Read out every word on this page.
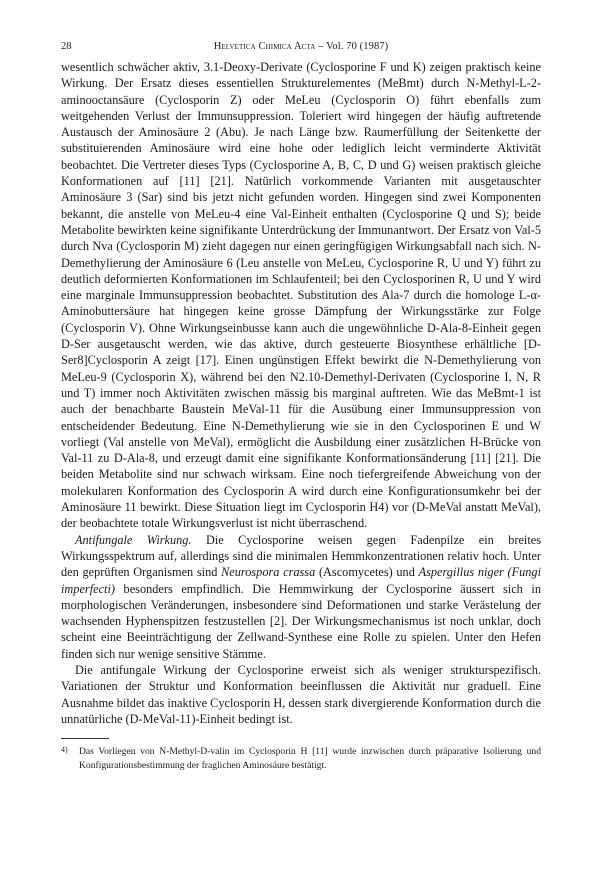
28	Helvetica Chimica Acta – Vol. 70 (1987)

wesentlich schwächer aktiv, 3.1-Deoxy-Derivate (Cyclosporine F und K) zeigen praktisch keine Wirkung. Der Ersatz dieses essentiellen Strukturelementes (MeBmt) durch N-Methyl-L-2-aminooctansäure (Cyclosporin Z) oder MeLeu (Cyclosporin O) führt ebenfalls zum weitgehenden Verlust der Immunsuppression. Toleriert wird hingegen der häufig auftretende Austausch der Aminosäure 2 (Abu). Je nach Länge bzw. Raumerfüllung der Seitenkette der substituierenden Aminosäure wird eine hohe oder lediglich leicht verminderte Aktivität beobachtet. Die Vertreter dieses Typs (Cyclosporine A, B, C, D und G) weisen praktisch gleiche Konformationen auf [11] [21]. Natürlich vorkommende Varianten mit ausgetauschter Aminosäure 3 (Sar) sind bis jetzt nicht gefunden worden. Hingegen sind zwei Komponenten bekannt, die anstelle von MeLeu-4 eine Val-Einheit enthalten (Cyclosporine Q und S); beide Metabolite bewirkten keine signifikante Unterdrückung der Immunantwort. Der Ersatz von Val-5 durch Nva (Cyclosporin M) zieht dagegen nur einen geringfügigen Wirkungsabfall nach sich. N-Demethylierung der Aminosäure 6 (Leu anstelle von MeLeu, Cyclosporine R, U und Y) führt zu deutlich deformierten Konformationen im Schlaufenteil; bei den Cyclosporinen R, U und Y wird eine marginale Immunsuppression beobachtet. Substitution des Ala-7 durch die homologe L-α-Aminobuttersäure hat hingegen keine grosse Dämpfung der Wirkungsstärke zur Folge (Cyclosporin V). Ohne Wirkungseinbusse kann auch die ungewöhnliche D-Ala-8-Einheit gegen D-Ser ausgetauscht werden, wie das aktive, durch gesteuerte Biosynthese erhältliche [D-Ser8]Cyclosporin A zeigt [17]. Einen ungünstigen Effekt bewirkt die N-Demethylierung von MeLeu-9 (Cyclosporin X), während bei den N2.10-Demethyl-Derivaten (Cyclosporine I, N, R und T) immer noch Aktivitäten zwischen mässig bis marginal auftreten. Wie das MeBmt-1 ist auch der benachbarte Baustein MeVal-11 für die Ausübung einer Immunsuppression von entscheidender Bedeutung. Eine N-Demethylierung wie sie in den Cyclosporinen E und W vorliegt (Val anstelle von MeVal), ermöglicht die Ausbildung einer zusätzlichen H-Brücke von Val-11 zu D-Ala-8, und erzeugt damit eine signifikante Konformationsänderung [11] [21]. Die beiden Metabolite sind nur schwach wirksam. Eine noch tiefergreifende Abweichung von der molekularen Konformation des Cyclosporin A wird durch eine Konfigurationsumkehr bei der Aminosäure 11 bewirkt. Diese Situation liegt im Cyclosporin H4) vor (D-MeVal anstatt MeVal), der beobachtete totale Wirkungsverlust ist nicht überraschend.

Antifungale Wirkung. Die Cyclosporine weisen gegen Fadenpilze ein breites Wirkungsspektrum auf, allerdings sind die minimalen Hemmkonzentrationen relativ hoch. Unter den geprüften Organismen sind Neurospora crassa (Ascomycetes) und Aspergillus niger (Fungi imperfecti) besonders empfindlich. Die Hemmwirkung der Cyclosporine äussert sich in morphologischen Veränderungen, insbesondere sind Deformationen und starke Verästelung der wachsenden Hyphenspitzen festzustellen [2]. Der Wirkungsmechanismus ist noch unklar, doch scheint eine Beeinträchtigung der Zellwand-Synthese eine Rolle zu spielen. Unter den Hefen finden sich nur wenige sensitive Stämme.

Die antifungale Wirkung der Cyclosporine erweist sich als weniger strukturspezifisch. Variationen der Struktur und Konformation beeinflussen die Aktivität nur graduell. Eine Ausnahme bildet das inaktive Cyclosporin H, dessen stark divergierende Konformation durch die unnatürliche (D-MeVal-11)-Einheit bedingt ist.

4) Das Vorliegen von N-Methyl-D-valin im Cyclosporin H [11] wurde inzwischen durch präparative Isolierung und Konfigurationsbestimmung der fraglichen Aminosäure bestätigt.
